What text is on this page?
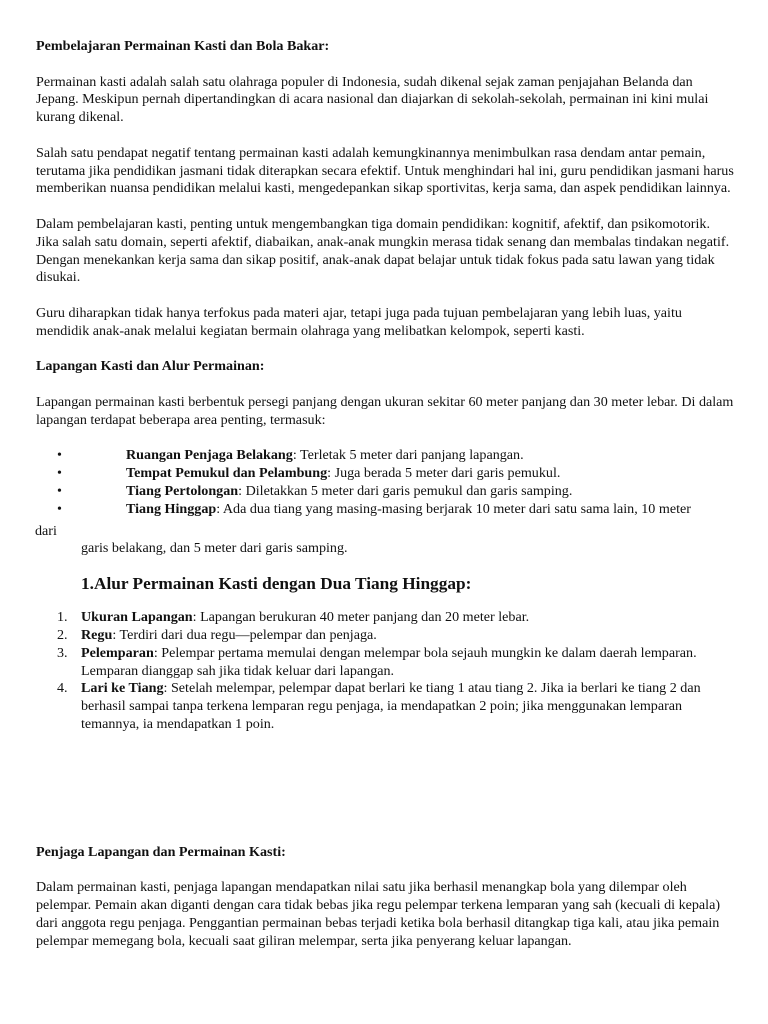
Pembelajaran Permainan Kasti dan Bola Bakar:

Permainan kasti adalah salah satu olahraga populer di Indonesia, sudah dikenal sejak zaman penjajahan Belanda dan Jepang. Meskipun pernah dipertandingkan di acara nasional dan diajarkan di sekolah-sekolah, permainan ini kini mulai kurang dikenal.

Salah satu pendapat negatif tentang permainan kasti adalah kemungkinannya menimbulkan rasa dendam antar pemain, terutama jika pendidikan jasmani tidak diterapkan secara efektif. Untuk menghindari hal ini, guru pendidikan jasmani harus memberikan nuansa pendidikan melalui kasti, mengedepankan sikap sportivitas, kerja sama, dan aspek pendidikan lainnya.

Dalam pembelajaran kasti, penting untuk mengembangkan tiga domain pendidikan: kognitif, afektif, dan psikomotorik. Jika salah satu domain, seperti afektif, diabaikan, anak-anak mungkin merasa tidak senang dan membalas tindakan negatif. Dengan menekankan kerja sama dan sikap positif, anak-anak dapat belajar untuk tidak fokus pada satu lawan yang tidak disukai.

Guru diharapkan tidak hanya terfokus pada materi ajar, tetapi juga pada tujuan pembelajaran yang lebih luas, yaitu mendidik anak-anak melalui kegiatan bermain olahraga yang melibatkan kelompok, seperti kasti.

Lapangan Kasti dan Alur Permainan:

Lapangan permainan kasti berbentuk persegi panjang dengan ukuran sekitar 60 meter panjang dan 30 meter lebar. Di dalam lapangan terdapat beberapa area penting, termasuk:

•	Ruangan Penjaga Belakang: Terletak 5 meter dari panjang lapangan.
•	Tempat Pemukul dan Pelambung: Juga berada 5 meter dari garis pemukul.
•	Tiang Pertolongan: Diletakkan 5 meter dari garis pemukul dan garis samping.
•	Tiang Hinggap: Ada dua tiang yang masing-masing berjarak 10 meter dari satu sama lain, 10 meter

dari

garis belakang, dan 5 meter dari garis samping.

1.Alur Permainan Kasti dengan Dua Tiang Hinggap:

1. Ukuran Lapangan: Lapangan berukuran 40 meter panjang dan 20 meter lebar.
2. Regu: Terdiri dari dua regu—pelempar dan penjaga.
3. Pelemparan: Pelempar pertama memulai dengan melempar bola sejauh mungkin ke dalam daerah lemparan. Lemparan dianggap sah jika tidak keluar dari lapangan.
4. Lari ke Tiang: Setelah melempar, pelempar dapat berlari ke tiang 1 atau tiang 2. Jika ia berlari ke tiang 2 dan berhasil sampai tanpa terkena lemparan regu penjaga, ia mendapatkan 2 poin; jika menggunakan lemparan temannya, ia mendapatkan 1 poin.

Penjaga Lapangan dan Permainan Kasti:

Dalam permainan kasti, penjaga lapangan mendapatkan nilai satu jika berhasil menangkap bola yang dilempar oleh pelempar. Pemain akan diganti dengan cara tidak bebas jika regu pelempar terkena lemparan yang sah (kecuali di kepala) dari anggota regu penjaga. Penggantian permainan bebas terjadi ketika bola berhasil ditangkap tiga kali, atau jika pemain pelempar memegang bola, kecuali saat giliran melempar, serta jika penyerang keluar lapangan.
